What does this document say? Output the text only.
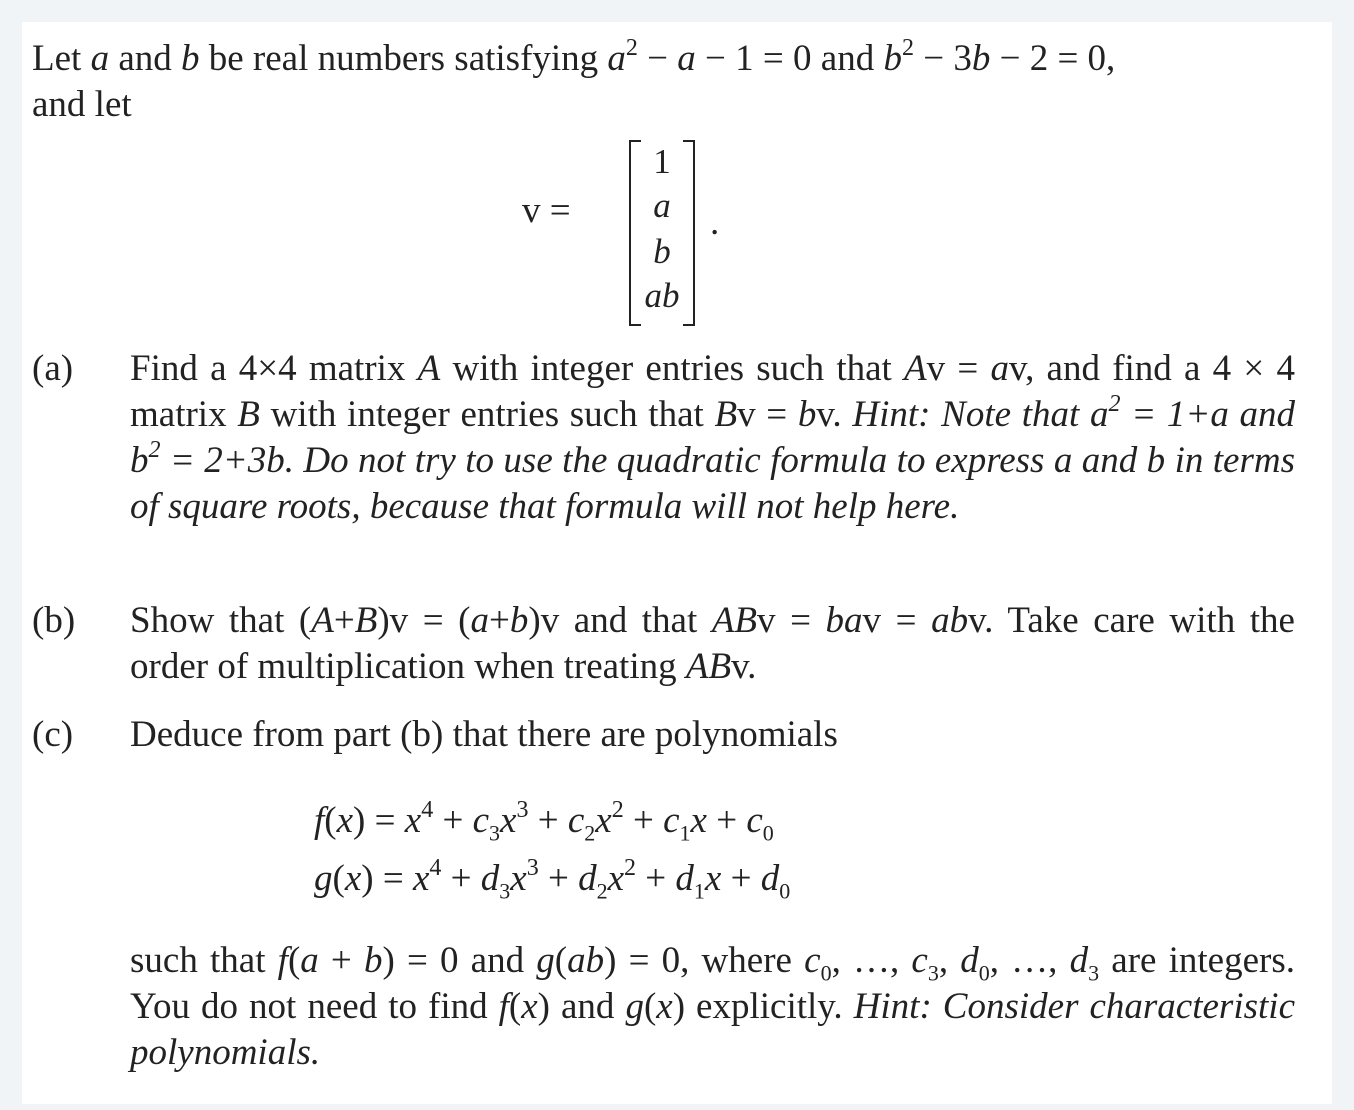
Let a and b be real numbers satisfying $a^2 - a - 1 = 0$ and $b^2 - 3b - 2 = 0$,
and let
v =
1
a
b
ab
.
(a) Find a 4×4 matrix A with integer entries such that Av = av, and find a 4 × 4 matrix B with integer entries such that Bv = bv. Hint: Note that $a^2 = 1+a$ and $b^2 = 2+3b$. Do not try to use the quadratic formula to express a and b in terms of square roots, because that formula will not help here.
(b) Show that (A+B)v = (a+b)v and that ABv = bav = abv. Take care with the order of multiplication when treating ABv.
(c) Deduce from part (b) that there are polynomials
$f(x) = x^4 + c_3x^3 + c_2x^2 + c_1x + c_0$
$g(x) = x^4 + d_3x^3 + d_2x^2 + d_1x + d_0$
such that f(a + b) = 0 and g(ab) = 0, where $c_0$, …, $c_3$, $d_0$, …, $d_3$ are integers. You do not need to find f(x) and g(x) explicitly. Hint: Consider characteristic polynomials.
